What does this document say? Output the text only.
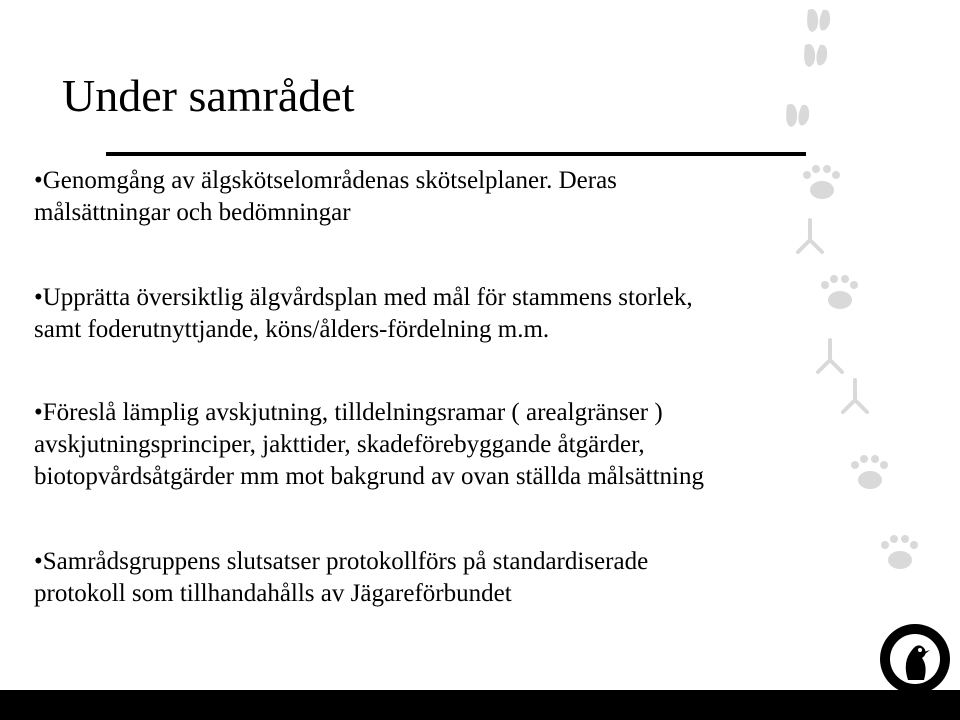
Under samrådet
•Genomgång av älgskötselområdenas skötselplaner. Deras
målsättningar och bedömningar
•Upprätta översiktlig älgvårdsplan med mål för stammens storlek,
samt foderutnyttjande, köns/ålders-fördelning m.m.
•Föreslå lämplig avskjutning, tilldelningsramar ( arealgränser )
avskjutningsprinciper, jakttider, skadeförebyggande åtgärder,
biotopvårdsåtgärder mm mot bakgrund av ovan ställda målsättning
•Samrådsgruppens slutsatser protokollförs på standardiserade
protokoll som tillhandahålls av Jägareförbundet
